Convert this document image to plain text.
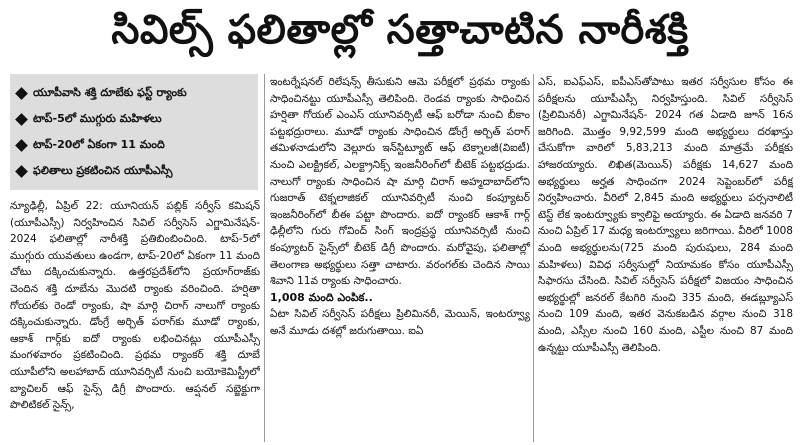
సివిల్స్ ఫలితాల్లో సత్తాచాటిన నారీశక్తి
యూపీవాసి శక్తి దూబేకు ఫస్ట్ ర్యాంకు
టాప్-5లో ముగ్గురు మహిళలు
టాప్-20లో ఏకంగా 11 మంది
ఫలితాలు ప్రకటించిన యూపీఎస్సీ

న్యూఢిల్లీ, ఏప్రిల్ 22: యూనియన్ పబ్లిక్ సర్వీస్ కమిషన్ (యూపీఎస్సీ) నిర్వహించిన సివిల్ సర్వీసెస్ ఎగ్జామినేషన్- 2024 ఫలితాల్లో నారీశక్తి ప్రతిబింబించింది. టాప్-5లో ముగ్గురు యువతులు ఉండగా, టాప్-20లో ఏకంగా 11 మంది చోటు దక్కించుకున్నారు. ఉత్తరప్రదేశ్‌లోని ప్రయాగ్‌రాజ్‌కు చెందిన శక్తి దూబేను మొదటి ర్యాంకు వరించింది. హర్షితా గోయల్‌కు రెండో ర్యాంకు, షా మార్గి చిరాగ్ నాలుగో ర్యాంకు దక్కించుకున్నారు. డోంగ్రే అర్చిత్ పరాగ్‌కు మూడో ర్యాంకు, ఆకాశ్ గార్గ్‌కు ఐదో ర్యాంకు లభించినట్లు యూపీఎస్సీ మంగళవారం ప్రకటించింది. ప్రథమ ర్యాంకర్ శక్తి దూబే యూపీలోని అలహాబాద్ యూనివర్సిటీ నుంచి బయోకెమిస్ట్రీలో బ్యాచిలర్ ఆఫ్ సైన్స్ డిగ్రీ పొందారు. ఆప్షనల్ సబ్జెక్టుగా పొలిటికల్ సైన్స్,

ఇంటర్నేషనల్ రిలేషన్స్ తీసుకుని ఆమె పరీక్షలో ప్రథమ ర్యాంకు సాధించినట్టు యూపీఎస్సీ తెలిపింది. రెండవ ర్యాంకు సాధించిన హర్షితా గోయల్ ఎంఎస్ యూనివర్సిటీ ఆఫ్ బరోడా నుంచి బీకాం పట్టభద్రురాలు. మూడో ర్యాంకు సాధించిన డోంగ్రే అర్చిత్ పరాగ్ తమిళనాడులోని వెల్లూరు ఇన్‌స్టిట్యూట్ ఆఫ్ టెక్నాలజీ(విఐటీ) నుంచి ఎలక్ట్రికల్, ఎలక్ట్రానిక్స్ ఇంజనీరింగ్‌లో బీటెక్ పట్టభద్రుడు. నాలుగో ర్యాంకు సాధించిన షా మార్గి చిరాగ్ అహ్మదాబాద్‌లోని గుజరాత్ టెక్నలాజికల్ యూనివర్సిటీ నుంచి కంప్యూటర్ ఇంజనీరింగ్‌లో బీఈ పట్టా పొందారు. ఐదో ర్యాంకర్ ఆకాశ్ గార్గ్ ఢిల్లీలోని గురు గోవింద్ సింగ్ ఇంద్రప్రస్థ యూనివర్సిటీ నుంచి కంప్యూటర్ సైన్స్‌లో బీటెక్ డిగ్రీ పొందారు. మరోవైపు, ఫలితాల్లో తెలంగాణ అభ్యర్థులు సత్తా చాటారు. వరంగల్‌కు చెందిన సాయి శివాని 11వ ర్యాంకు సాధించారు.

1,008 మంది ఎంపిక..

ఏటా సివిల్ సర్వీసెస్ పరీక్షలు ప్రిలిమినరీ, మెయిన్, ఇంటర్వ్యూ అనే మూడు దశల్లో జరుగుతాయి. ఐఏ

ఎస్, ఐఎఫ్ఎస్, ఐపీఎస్‌తోపాటు ఇతర సర్వీసుల కోసం ఈ పరీక్షలను యూపీఎస్సీ నిర్వహిస్తుంది. సివిల్ సర్వీసెస్ (ప్రిలిమినరీ) ఎగ్జామినేషన్- 2024 గత ఏడాది జూన్ 16న జరిగింది. మొత్తం 9,92,599 మంది అభ్యర్థులు దరఖాస్తు చేసుకోగా వారిలో 5,83,213 మంది మాత్రమే పరీక్షకు హాజరయ్యారు. లిఖిత(మెయిన్) పరీక్షకు 14,627 మంది అభ్యర్థులు అర్హత సాధించగా 2024 సెప్టెంబర్‌లో పరీక్ష నిర్వహించారు. వీరిలో 2,845 మంది అభ్యర్థులు పర్సనాలిటీ టెస్ట్ లేక ఇంటర్వ్యూకు క్వాలిఫై అయ్యారు. ఈ ఏడాది జనవరి 7 నుంచి ఏప్రిల్ 17 మధ్య ఇంటర్వ్యూలు జరిగాయి. వీరిలో 1008 మంది అభ్యర్థులను(725 మంది పురుషులు, 284 మంది మహిళలు) వివిధ సర్వీసుల్లో నియామకం కోసం యూపీఎస్సీ సిఫారసు చేసింది. సివిల్ సర్వీసెస్ పరీక్షలో విజయం సాధించిన అభ్యర్థుల్లో జనరల్ కేటగిరి నుంచి 335 మంది, ఈడబ్ల్యూఎస్ నుంచి 109 మంది, ఇతర వెనుకబడిన వర్గాల నుంచి 318 మంది, ఎస్సీల నుంచి 160 మంది, ఎస్టీల నుంచి 87 మంది ఉన్నట్టు యూపీఎస్సీ తెలిపింది.
